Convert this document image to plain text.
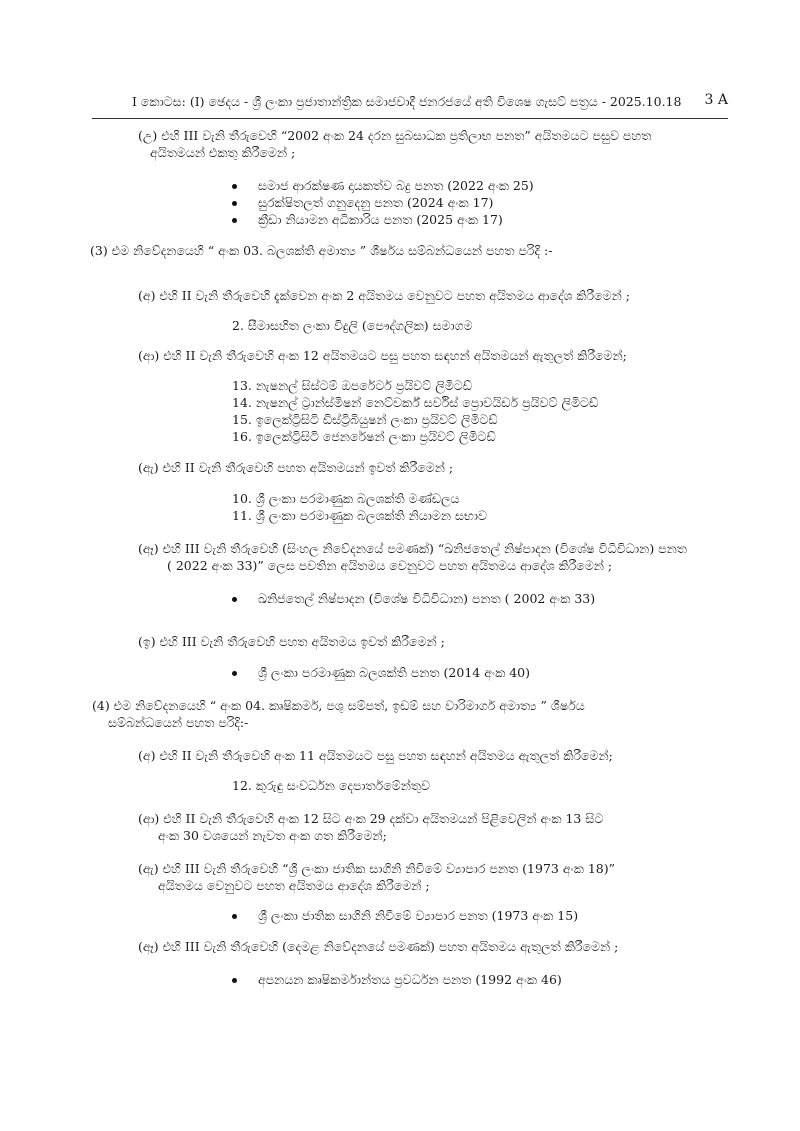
I කොටස: (I) ඡෙදය - ශ්‍රී ලංකා ප්‍රජාතාන්ත්‍රික සමාජවාදී ජනරජයේ අති විශෙෂ ගැසට් පත්‍රය - 2025.10.18 3 A
(උ) එහි III වැනි තීරුවෙහි “2002 අංක 24 දරන සුබසාධක ප්‍රතිලාභ පනත” අයිතමයට පසුව පහත
අයිතමයන් එකතු කිරීමෙන් ;
සමාජ ආරක්ෂණ දායකත්ව බදු පනත (2022 අංක 25)
සුරක්ෂිතලත් ගනුදෙනු පනත (2024 අංක 17)
ක්‍රීඩා නියාමන අධිකාරිය පනත (2025 අංක 17)
(3) එම නිවේදනයෙහි “ අංක 03. බලශක්ති අමාත්‍ය ” ශීර්ෂය සම්බන්ධයෙන් පහත පරිදි :-
(අ) එහි II වැනි තීරුවෙහි දැක්වෙන අංක 2 අයිතමය වෙනුවට පහත අයිතමය ආදේශ කිරීමෙන් ;
2. සීමාසහිත ලංකා විදුලි (පෞද්ගලික) සමාගම
(ආ) එහි II වැනි තීරුවෙහි අංක 12 අයිතමයට පසු පහත සඳහන් අයිතමයන් ඇතුලත් කිරීමෙන්;
13. නැෂනල් සිස්ටම් ඔපරේටර් ප්‍රයිවට් ලිමිටඩ්
14. නැෂනල් ට්‍රාන්ස්මිෂන් නෙට්වර්ක් සර්විස් ප්‍රොවයිඩර් ප්‍රයිවට් ලිමිටඩ්
15. ඉලෙක්ට්‍රිසිටි ඩිස්ට්‍රිබියුෂන් ලංකා ප්‍රයිවට් ලිමිටඩ්
16. ඉලෙක්ට්‍රිසිටි ජෙනරේෂන් ලංකා ප්‍රයිවට් ලිමිටඩ්
(ඇ) එහි II වැනි තීරුවෙහි පහත අයිතමයන් ඉවත් කිරීමෙන් ;
10. ශ්‍රී ලංකා පරමාණුක බලශක්ති මණ්ඩලය
11. ශ්‍රී ලංකා පරමාණුක බලශක්ති නියාමන සභාව
(ඈ) එහි III වැනි තීරුවෙහි (සිංහල නිවේදනයේ පමණක්) “ඛනිජතෙල් නිෂ්පාදන (විශේෂ විධිවිධාන) පනත
( 2022 අංක 33)” ලෙස පවතින අයිතමය වෙනුවට පහත අයිතමය ආදේශ කිරීමෙන් ;
ඛනිජතෙල් නිෂ්පාදන (විශේෂ විධිවිධාන) පනත ( 2002 අංක 33)
(ඉ) එහි III වැනි තීරුවෙහි පහත අයිතමය ඉවත් කිරීමෙන් ;
ශ්‍රී ලංකා පරමාණුක බලශක්ති පනත (2014 අංක 40)
(4) එම නිවේදනයෙහි “ අංක 04. කෘෂිකර්ම, පශු සම්පත්, ඉඩම් සහ වාරිමාර්ග අමාත්‍ය ” ශීර්ෂය
සම්බන්ධයෙන් පහත පරිදි:-
(අ) එහි II වැනි තීරුවෙහි අංක 11 අයිතමයට පසු පහත සඳහන් අයිතමය ඇතුලත් කිරීමෙන්;
12. කුරුඳු සංවර්ධන දෙපාර්තමේන්තුව
(ආ) එහි II වැනි තීරුවෙහි අංක 12 සිට අංක 29 දක්වා අයිතමයන් පිළිවෙලින් අංක 13 සිට
අංක 30 වශයෙන් නැවත අංක ගත කිරීමෙන්;
(ඇ) එහි III වැනි තීරුවෙහි “ශ්‍රී ලංකා ජාතික සාගිනි නිවීමේ ව්‍යාපාර පනත (1973 අංක 18)”
අයිතමය වෙනුවට පහත අයිතමය ආදේශ කිරීමෙන් ;
ශ්‍රී ලංකා ජාතික සාගිනි නිවීමේ ව්‍යාපාර පනත (1973 අංක 15)
(ඈ) එහි III වැනි තීරුවෙහි (දෙමළ නිවේදනයේ පමණක්) පහත අයිතමය ඇතුලත් කිරීමෙන් ;
අපනයන කෘෂිකර්මාන්තය ප්‍රවර්ධන පනත (1992 අංක 46)
